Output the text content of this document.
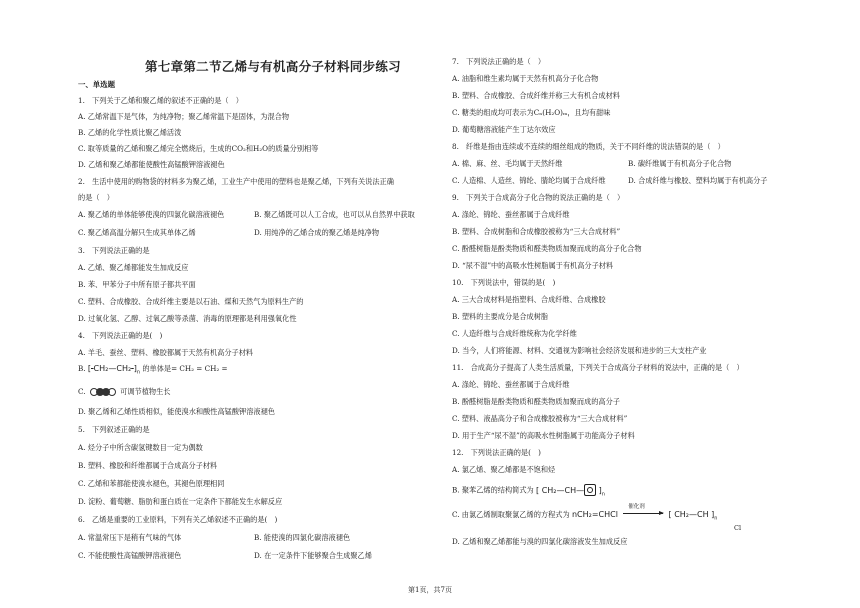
第七章第二节乙烯与有机高分子材料同步练习
一、单选题
1.　下列关于乙烯和聚乙烯的叙述不正确的是（　）
A. 乙烯常温下是气体，为纯净物；聚乙烯常温下是固体，为混合物
B. 乙烯的化学性质比聚乙烯活泼
C. 取等质量的乙烯和聚乙烯完全燃烧后，生成的CO₂和H₂O的质量分别相等
D. 乙烯和聚乙烯都能使酸性高锰酸钾溶液褪色
2.　生活中使用的购物袋的材料多为聚乙烯，工业生产中使用的塑料也是聚乙烯，下列有关说法正确
的是（　）
A. 聚乙烯的单体能够使溴的四氯化碳溶液褪色	B. 聚乙烯既可以人工合成，也可以从自然界中获取
C. 聚乙烯高温分解只生成其单体乙烯	D. 用纯净的乙烯合成的聚乙烯是纯净物
3.　下列说法正确的是
A. 乙烯、聚乙烯都能发生加成反应
B. 苯、甲苯分子中所有原子都共平面
C. 塑料、合成橡胶、合成纤维主要是以石油、煤和天然气为原料生产的
D. 过氧化氢、乙醇、过氧乙酸等杀菌、消毒的原理都是利用强氧化性
4.　下列说法正确的是(　)
A. 羊毛、蚕丝、塑料、橡胶都属于天然有机高分子材料
B. [ CH₂—CH₂ ]$_n$ 的单体是= CH₂ = CH₂ =
C.	可调节植物生长
D. 聚乙烯和乙烯性质相似，能使溴水和酸性高锰酸钾溶液褪色
5.　下列叙述正确的是
A. 烃分子中所含碳氢键数目一定为偶数
B. 塑料、橡胶和纤维都属于合成高分子材料
C. 乙烯和苯都能使溴水褪色，其褪色原理相同
D. 淀粉、葡萄糖、脂肪和蛋白质在一定条件下都能发生水解反应
6.　乙烯是重要的工业原料，下列有关乙烯叙述不正确的是(　)
A. 常温常压下是稍有气味的气体	B. 能使溴的四氯化碳溶液褪色
C. 不能使酸性高锰酸钾溶液褪色	D. 在一定条件下能够聚合生成聚乙烯
7.　下列说法正确的是（　）
A. 油脂和维生素均属于天然有机高分子化合物
B. 塑料、合成橡胶、合成纤维并称三大有机合成材料
C. 糖类的组成均可表示为Cₙ(H₂O)ₘ，且均有甜味
D. 葡萄糖溶液能产生丁达尔效应
8.　纤维是指由连续或不连续的细丝组成的物质，关于不同纤维的说法错误的是（　）
A. 棉、麻、丝、毛均属于天然纤维	B. 碳纤维属于有机高分子化合物
C. 人造棉、人造丝、锦纶、腈纶均属于合成纤维	D. 合成纤维与橡胶、塑料均属于有机高分子
9.　下列关于合成高分子化合物的说法正确的是（　）
A. 涤纶、锦纶、蚕丝都属于合成纤维
B. 塑料、合成树脂和合成橡胶被称为“三大合成材料”
C. 酚醛树脂是酚类物质和醛类物质加聚而成的高分子化合物
D. “尿不湿”中的高吸水性树脂属于有机高分子材料
10.　下列说法中，错误的是(　)
A. 三大合成材料是指塑料、合成纤维、合成橡胶
B. 塑料的主要成分是合成树脂
C. 人造纤维与合成纤维统称为化学纤维
D. 当今，人们将能源、材料、交通视为影响社会经济发展和进步的三大支柱产业
11.　合成高分子提高了人类生活质量，下列关于合成高分子材料的说法中，正确的是（　）
A. 涤纶、锦纶、蚕丝都属于合成纤维
B. 酚醛树脂是酚类物质和醛类物质加聚而成的高分子
C. 塑料、液晶高分子和合成橡胶被称为“三大合成材料”
D. 用于生产“尿不湿”的高吸水性树脂属于功能高分子材料
12.　下列说法正确的是(　)
A. 氯乙烯、聚乙烯都是不饱和烃
B. 聚苯乙烯的结构简式为 [ CH₂—CH— ]$_n$
C. 由氯乙烯制取聚氯乙烯的方程式为 nCH₂=CHCl
催化剂
[ CH₂—CH ]$_n$
Cl
D. 乙烯和聚乙烯都能与溴的四氯化碳溶液发生加成反应
第1页，共7页
